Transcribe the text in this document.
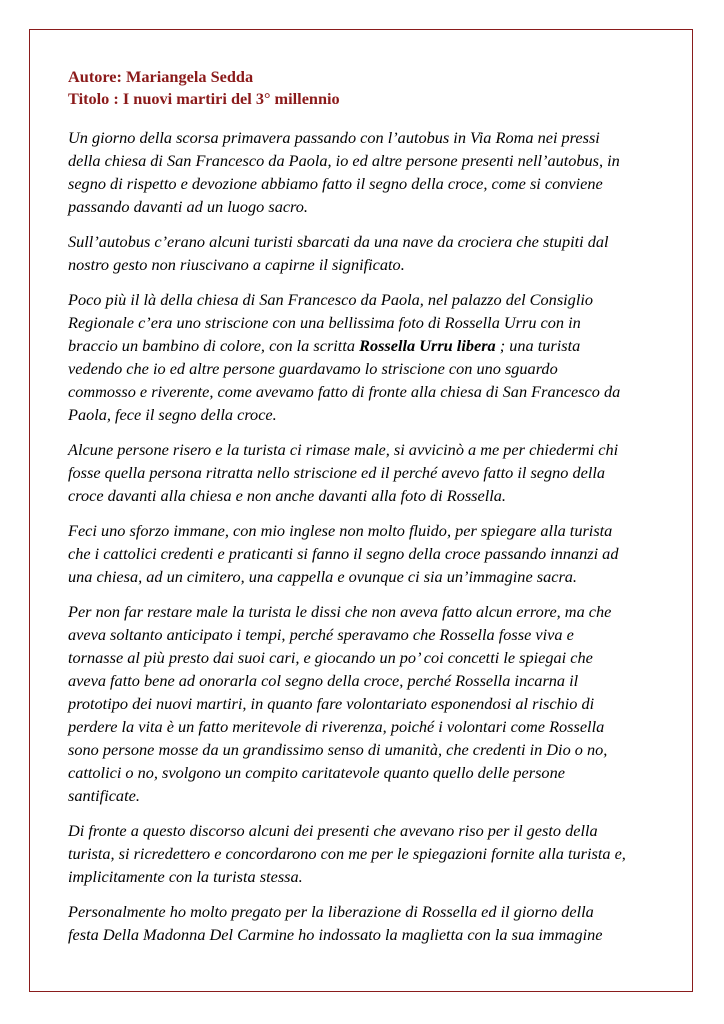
Autore: Mariangela Sedda

Titolo : I nuovi martiri del 3° millennio

Un giorno della scorsa primavera passando con l’autobus in Via Roma nei pressi
della chiesa di San Francesco da Paola, io ed altre persone presenti nell’autobus, in
segno di rispetto e devozione abbiamo fatto il segno della croce, come si conviene
passando davanti ad un luogo sacro.

Sull’autobus c’erano alcuni turisti sbarcati da una nave da crociera che stupiti dal
nostro gesto non riuscivano a capirne il significato.

Poco più il là della chiesa di San Francesco da Paola, nel palazzo del Consiglio
Regionale c’era uno striscione con una bellissima foto di Rossella Urru con in
braccio un bambino di colore, con la scritta Rossella Urru libera ; una turista
vedendo che io ed altre persone guardavamo lo striscione con uno sguardo
commosso e riverente, come avevamo fatto di fronte alla chiesa di San Francesco da
Paola, fece il segno della croce.

Alcune persone risero e la turista ci rimase male, si avvicinò a me per chiedermi chi
fosse quella persona ritratta nello striscione ed il perché avevo fatto il segno della
croce davanti alla chiesa e non anche davanti alla foto di Rossella.

Feci uno sforzo immane, con mio inglese non molto fluido, per spiegare alla turista
che i cattolici credenti e praticanti si fanno il segno della croce passando innanzi ad
una chiesa, ad un cimitero, una cappella e ovunque ci sia un’immagine sacra.

Per non far restare male la turista le dissi che non aveva fatto alcun errore, ma che
aveva soltanto anticipato i tempi, perché speravamo che Rossella fosse viva e
tornasse al più presto dai suoi cari, e giocando un po’ coi concetti le spiegai che
aveva fatto bene ad onorarla col segno della croce, perché Rossella incarna il
prototipo dei nuovi martiri, in quanto fare volontariato esponendosi al rischio di
perdere la vita è un fatto meritevole di riverenza, poiché i volontari come Rossella
sono persone mosse da un grandissimo senso di umanità, che credenti in Dio o no,
cattolici o no, svolgono un compito caritatevole quanto quello delle persone
santificate.

Di fronte a questo discorso alcuni dei presenti che avevano riso per il gesto della
turista, si ricredettero e concordarono con me per le spiegazioni fornite alla turista e,
implicitamente con la turista stessa.

Personalmente ho molto pregato per la liberazione di Rossella ed il giorno della
festa Della Madonna Del Carmine ho indossato la maglietta con la sua immagine
